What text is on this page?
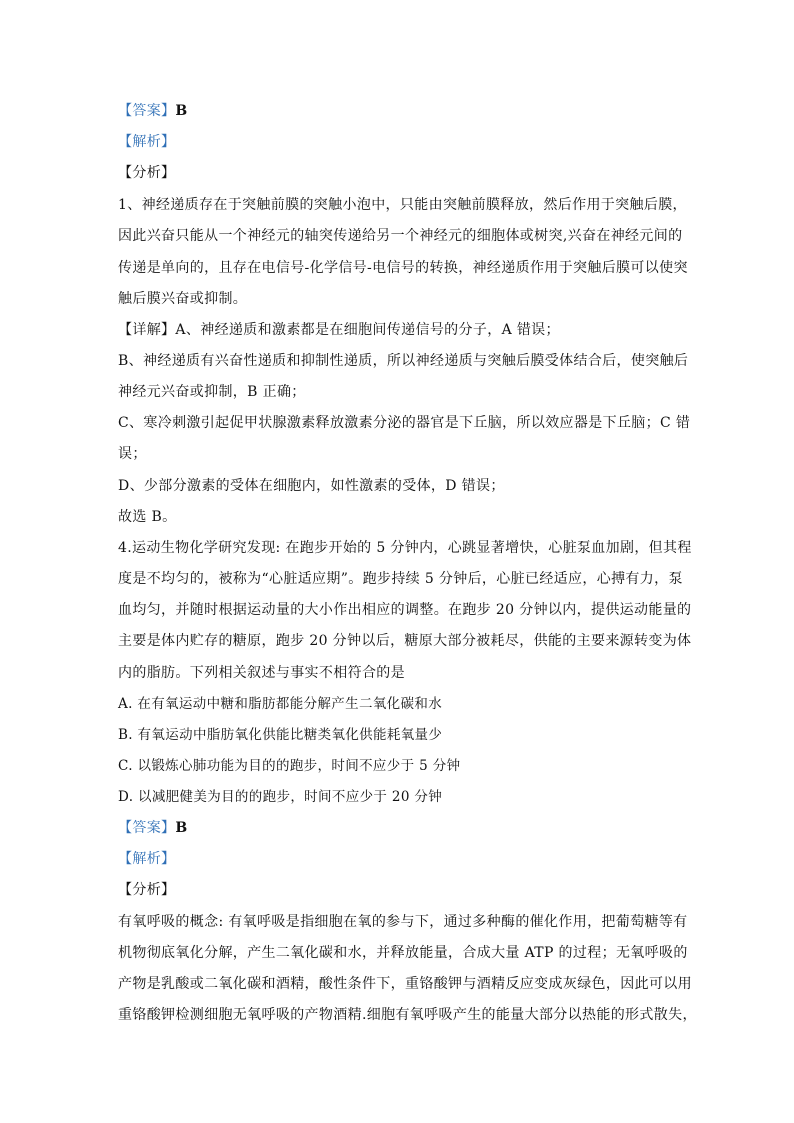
【答案】B
【解析】
【分析】
1、神经递质存在于突触前膜的突触小泡中，只能由突触前膜释放，然后作用于突触后膜，
因此兴奋只能从一个神经元的轴突传递给另一个神经元的细胞体或树突,兴奋在神经元间的
传递是单向的，且存在电信号-化学信号-电信号的转换，神经递质作用于突触后膜可以使突
触后膜兴奋或抑制。
【详解】A、神经递质和激素都是在细胞间传递信号的分子，A 错误；
B、神经递质有兴奋性递质和抑制性递质，所以神经递质与突触后膜受体结合后，使突触后
神经元兴奋或抑制，B 正确；
C、寒冷刺激引起促甲状腺激素释放激素分泌的器官是下丘脑，所以效应器是下丘脑；C 错
误；
D、少部分激素的受体在细胞内，如性激素的受体，D 错误；
故选 B。
4.运动生物化学研究发现: 在跑步开始的 5 分钟内，心跳显著增快，心脏泵血加剧，但其程
度是不均匀的，被称为“心脏适应期”。跑步持续 5 分钟后，心脏已经适应，心搏有力，泵
血均匀，并随时根据运动量的大小作出相应的调整。在跑步 20 分钟以内，提供运动能量的
主要是体内贮存的糖原，跑步 20 分钟以后，糖原大部分被耗尽，供能的主要来源转变为体
内的脂肪。下列相关叙述与事实不相符合的是
A. 在有氧运动中糖和脂肪都能分解产生二氧化碳和水
B. 有氧运动中脂肪氧化供能比糖类氧化供能耗氧量少
C. 以锻炼心肺功能为目的的跑步，时间不应少于 5 分钟
D. 以减肥健美为目的的跑步，时间不应少于 20 分钟
【答案】B
【解析】
【分析】
有氧呼吸的概念: 有氧呼吸是指细胞在氧的参与下，通过多种酶的催化作用，把葡萄糖等有
机物彻底氧化分解，产生二氧化碳和水，并释放能量，合成大量 ATP 的过程；无氧呼吸的
产物是乳酸或二氧化碳和酒精，酸性条件下，重铬酸钾与酒精反应变成灰绿色，因此可以用
重铬酸钾检测细胞无氧呼吸的产物酒精.细胞有氧呼吸产生的能量大部分以热能的形式散失，
